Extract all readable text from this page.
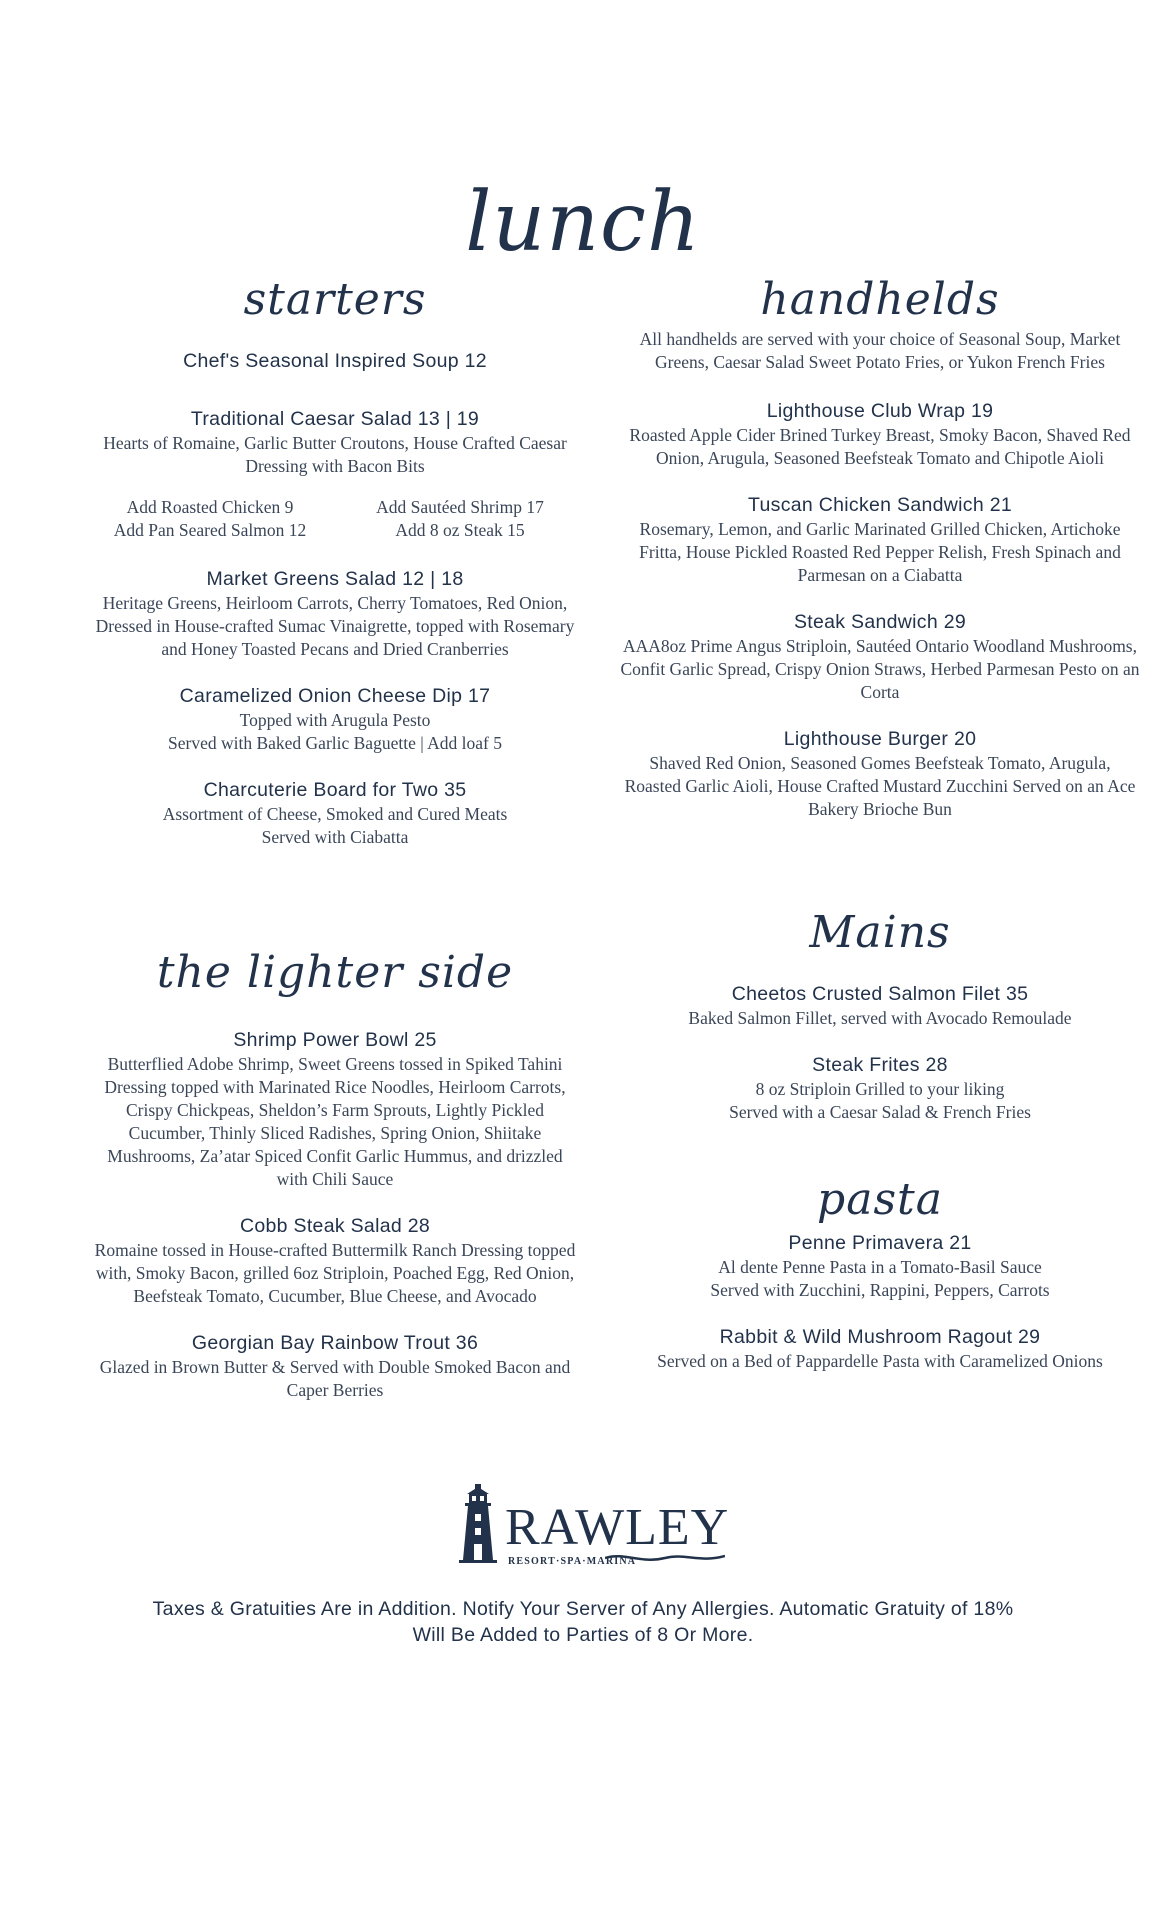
lunch
starters
Chef's Seasonal Inspired Soup 12
Traditional Caesar Salad 13 | 19
Hearts of Romaine, Garlic Butter Croutons, House Crafted Caesar Dressing with Bacon Bits
Add Roasted Chicken 9	Add Sautéed Shrimp 17
Add Pan Seared Salmon 12	Add 8 oz Steak 15
Market Greens Salad 12 | 18
Heritage Greens, Heirloom Carrots, Cherry Tomatoes, Red Onion, Dressed in House-crafted Sumac Vinaigrette, topped with Rosemary and Honey Toasted Pecans and Dried Cranberries
Caramelized Onion Cheese Dip 17
Topped with Arugula Pesto
Served with Baked Garlic Baguette | Add loaf 5
Charcuterie Board for Two 35
Assortment of Cheese, Smoked and Cured Meats
Served with Ciabatta
the lighter side
Shrimp Power Bowl 25
Butterflied Adobe Shrimp, Sweet Greens tossed in Spiked Tahini Dressing topped with Marinated Rice Noodles, Heirloom Carrots, Crispy Chickpeas, Sheldon’s Farm Sprouts, Lightly Pickled Cucumber, Thinly Sliced Radishes, Spring Onion, Shiitake Mushrooms, Za’atar Spiced Confit Garlic Hummus, and drizzled with Chili Sauce
Cobb Steak Salad 28
Romaine tossed in House-crafted Buttermilk Ranch Dressing topped with, Smoky Bacon, grilled 6oz Striploin, Poached Egg, Red Onion, Beefsteak Tomato, Cucumber, Blue Cheese, and Avocado
Georgian Bay Rainbow Trout 36
Glazed in Brown Butter & Served with Double Smoked Bacon and Caper Berries
handhelds
All handhelds are served with your choice of Seasonal Soup, Market Greens, Caesar Salad Sweet Potato Fries, or Yukon French Fries
Lighthouse Club Wrap 19
Roasted Apple Cider Brined Turkey Breast, Smoky Bacon, Shaved Red Onion, Arugula, Seasoned Beefsteak Tomato and Chipotle Aioli
Tuscan Chicken Sandwich 21
Rosemary, Lemon, and Garlic Marinated Grilled Chicken, Artichoke Fritta, House Pickled Roasted Red Pepper Relish, Fresh Spinach and Parmesan on a Ciabatta
Steak Sandwich 29
AAA8oz Prime Angus Striploin, Sautéed Ontario Woodland Mushrooms, Confit Garlic Spread, Crispy Onion Straws, Herbed Parmesan Pesto on an Corta
Lighthouse Burger 20
Shaved Red Onion, Seasoned Gomes Beefsteak Tomato, Arugula, Roasted Garlic Aioli, House Crafted Mustard Zucchini Served on an Ace Bakery Brioche Bun
Mains
Cheetos Crusted Salmon Filet 35
Baked Salmon Fillet, served with Avocado Remoulade
Steak Frites 28
8 oz Striploin Grilled to your liking
Served with a Caesar Salad & French Fries
pasta
Penne Primavera 21
Al dente Penne Pasta in a Tomato-Basil Sauce
Served with Zucchini, Rappini, Peppers, Carrots
Rabbit & Wild Mushroom Ragout 29
Served on a Bed of Pappardelle Pasta with Caramelized Onions
RAWLEY
RESORT·SPA·MARINA
Taxes & Gratuities Are in Addition. Notify Your Server of Any Allergies. Automatic Gratuity of 18%
Will Be Added to Parties of 8 Or More.
